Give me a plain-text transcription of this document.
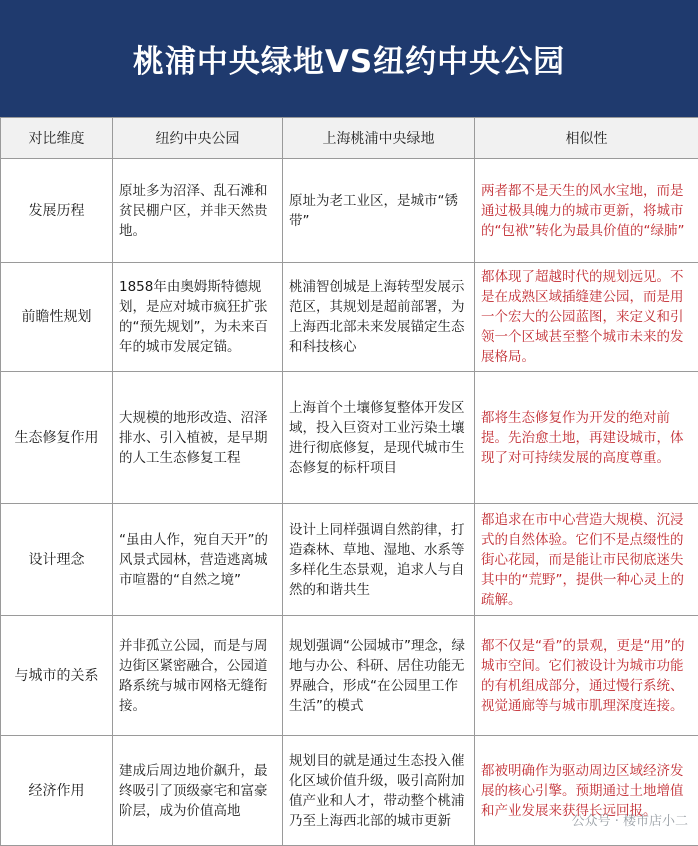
桃浦中央绿地VS纽约中央公园
对比维度	纽约中央公园	上海桃浦中央绿地	相似性
发展历程	原址多为沼泽、乱石滩和贫民棚户区，并非天然贵地。	原址为老工业区，是城市“锈带”	两者都不是天生的风水宝地，而是通过极具魄力的城市更新，将城市的“包袱”转化为最具价值的“绿肺”
前瞻性规划	1858年由奥姆斯特德规划，是应对城市疯狂扩张的“预先规划”，为未来百年的城市发展定锚。	桃浦智创城是上海转型发展示范区，其规划是超前部署，为上海西北部未来发展锚定生态和科技核心	都体现了超越时代的规划远见。不是在成熟区域插缝建公园，而是用一个宏大的公园蓝图，来定义和引领一个区域甚至整个城市未来的发展格局。
生态修复作用	大规模的地形改造、沼泽排水、引入植被，是早期的人工生态修复工程	上海首个土壤修复整体开发区域，投入巨资对工业污染土壤进行彻底修复，是现代城市生态修复的标杆项目	都将生态修复作为开发的绝对前提。先治愈土地，再建设城市，体现了对可持续发展的高度尊重。
设计理念	“虽由人作，宛自天开”的风景式园林，营造逃离城市喧嚣的“自然之境”	设计上同样强调自然韵律，打造森林、草地、湿地、水系等多样化生态景观，追求人与自然的和谐共生	都追求在市中心营造大规模、沉浸式的自然体验。它们不是点缀性的街心花园，而是能让市民彻底迷失其中的“荒野”，提供一种心灵上的疏解。
与城市的关系	并非孤立公园，而是与周边街区紧密融合，公园道路系统与城市网格无缝衔接。	规划强调“公园城市”理念，绿地与办公、科研、居住功能无界融合，形成“在公园里工作生活”的模式	都不仅是“看”的景观，更是“用”的城市空间。它们被设计为城市功能的有机组成部分，通过慢行系统、视觉通廊等与城市肌理深度连接。
经济作用	建成后周边地价飙升，最终吸引了顶级豪宅和富豪阶层，成为价值高地	规划目的就是通过生态投入催化区域价值升级，吸引高附加值产业和人才，带动整个桃浦乃至上海西北部的城市更新	都被明确作为驱动周边区域经济发展的核心引擎。预期通过土地增值和产业发展来获得长远回报。
公众号 · 楼市店小二
